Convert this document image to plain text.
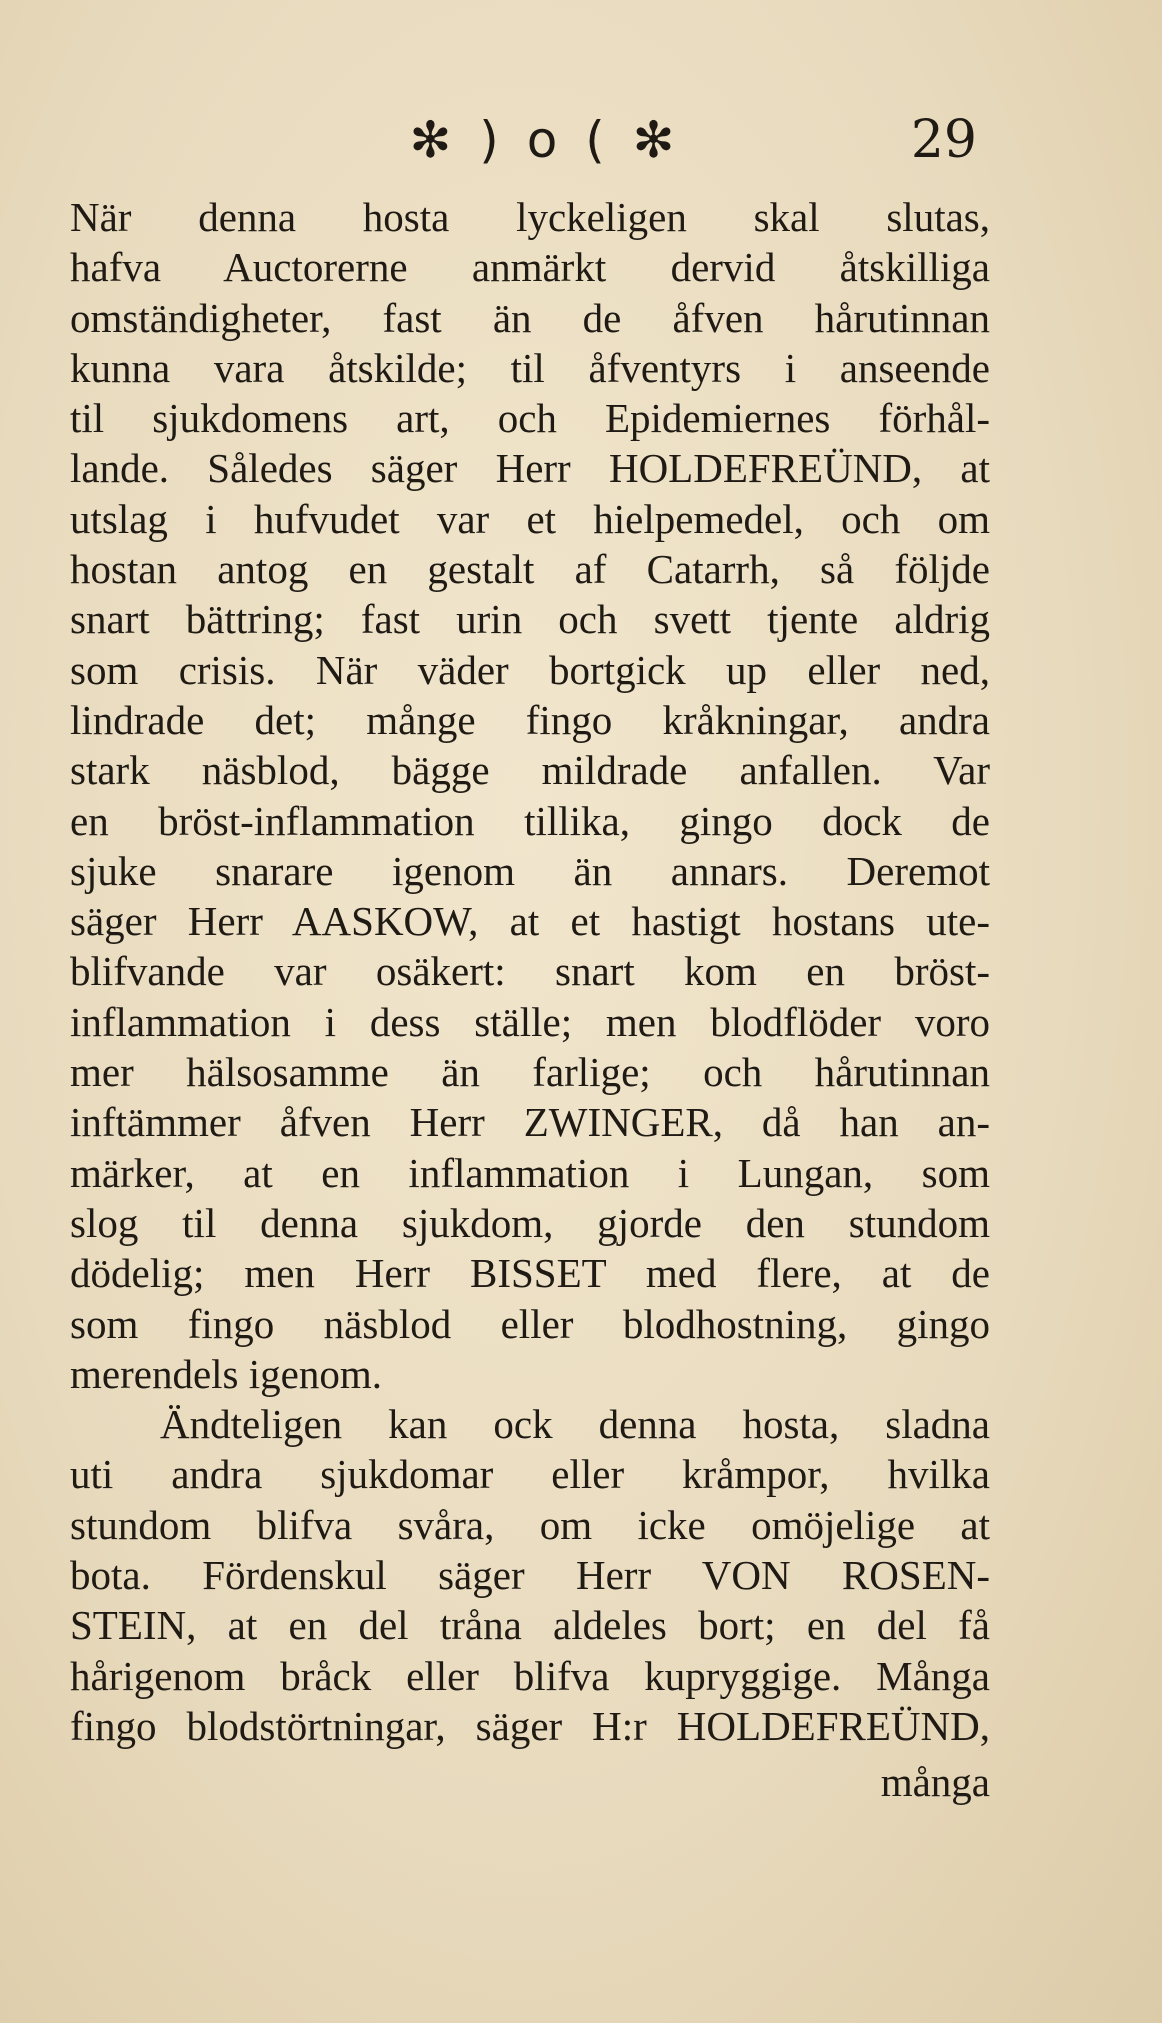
✻ ) o ( ✻	29
När denna hosta lyckeligen skal slutas,
hafva Auctorerne anmärkt dervid åtskilliga
omständigheter, fast än de åfven hårutinnan
kunna vara åtskilde; til åfventyrs i anseende
til sjukdomens art, och Epidemiernes förhål-
lande. Således säger Herr HOLDEFREÜND, at
utslag i hufvudet var et hielpemedel, och om
hostan antog en gestalt af Catarrh, så följde
snart bättring; fast urin och svett tjente aldrig
som crisis. När väder bortgick up eller ned,
lindrade det; månge fingo kråkningar, andra
stark näsblod, bägge mildrade anfallen. Var
en bröst-inflammation tillika, gingo dock de
sjuke snarare igenom än annars. Deremot
säger Herr AASKOW, at et hastigt hostans ute-
blifvande var osäkert: snart kom en bröst-
inflammation i dess ställe; men blodflöder voro
mer hälsosamme än farlige; och hårutinnan
inftämmer åfven Herr ZWINGER, då han an-
märker, at en inflammation i Lungan, som
slog til denna sjukdom, gjorde den stundom
dödelig; men Herr BISSET med flere, at de
som fingo näsblod eller blodhostning, gingo
merendels igenom.
Ändteligen kan ock denna hosta, sladna
uti andra sjukdomar eller kråmpor, hvilka
stundom blifva svåra, om icke omöjelige at
bota. Fördenskul säger Herr VON ROSEN-
STEIN, at en del tråna aldeles bort; en del få
hårigenom bråck eller blifva kupryggige. Många
fingo blodstörtningar, säger H:r HOLDEFREÜND,
många
